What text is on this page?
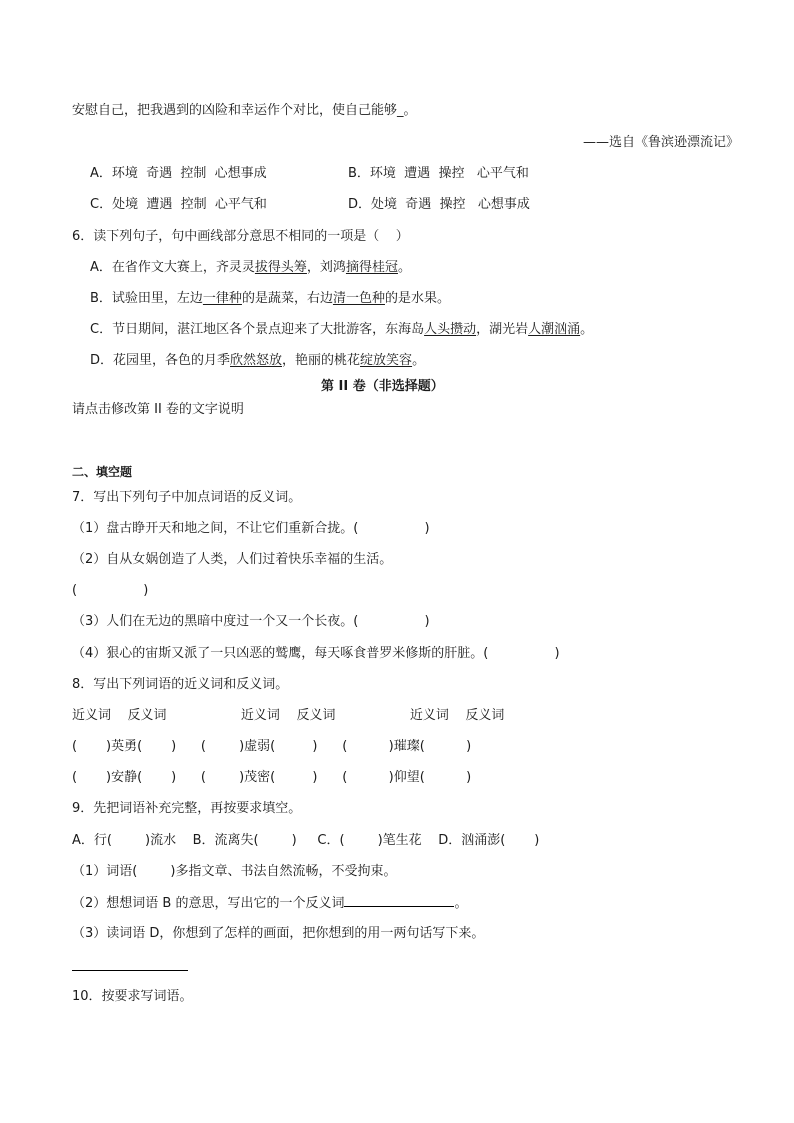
安慰自己，把我遇到的凶险和幸运作个对比，使自己能够_。
——选自《鲁滨逊漂流记》
A．环境  奇遇  控制  心想事成	B．环境  遭遇  操控   心平气和
C．处境  遭遇  控制  心平气和	D．处境  奇遇  操控   心想事成
6．读下列句子，句中画线部分意思不相同的一项是（    ）
A．在省作文大赛上，齐灵灵拔得头筹，刘鸿摘得桂冠。
B．试验田里，左边一律种的是蔬菜，右边清一色种的是水果。
C．节日期间，湛江地区各个景点迎来了大批游客，东海岛人头攒动，湖光岩人潮汹涌。
D．花园里，各色的月季欣然怒放，艳丽的桃花绽放笑容。
第 II 卷（非选择题）
请点击修改第 II 卷的文字说明
二、填空题
7．写出下列句子中加点词语的反义词。
（1）盘古睁开天和地之间，不让它们重新合拢。(                )
（2）自从女娲创造了人类，人们过着快乐幸福的生活。
(                )
（3）人们在无边的黑暗中度过一个又一个长夜。(                )
（4）狠心的宙斯又派了一只凶恶的鹫鹰，每天啄食普罗米修斯的肝脏。(                )
8．写出下列词语的近义词和反义词。
近义词    反义词                  近义词    反义词                  近义词    反义词
(       )英勇(       )      (        )虚弱(         )      (          )璀璨(          )
(       )安静(       )      (        )茂密(         )      (          )仰望(          )
9．先把词语补充完整，再按要求填空。
A．行(        )流水    B．流离失(        )     C．(        )笔生花    D．汹涌澎(       )
（1）词语(        )多指文章、书法自然流畅，不受拘束。
（2）想想词语 B 的意思，写出它的一个反义词	。
（3）读词语 D，你想到了怎样的画面，把你想到的用一两句话写下来。
10．按要求写词语。
